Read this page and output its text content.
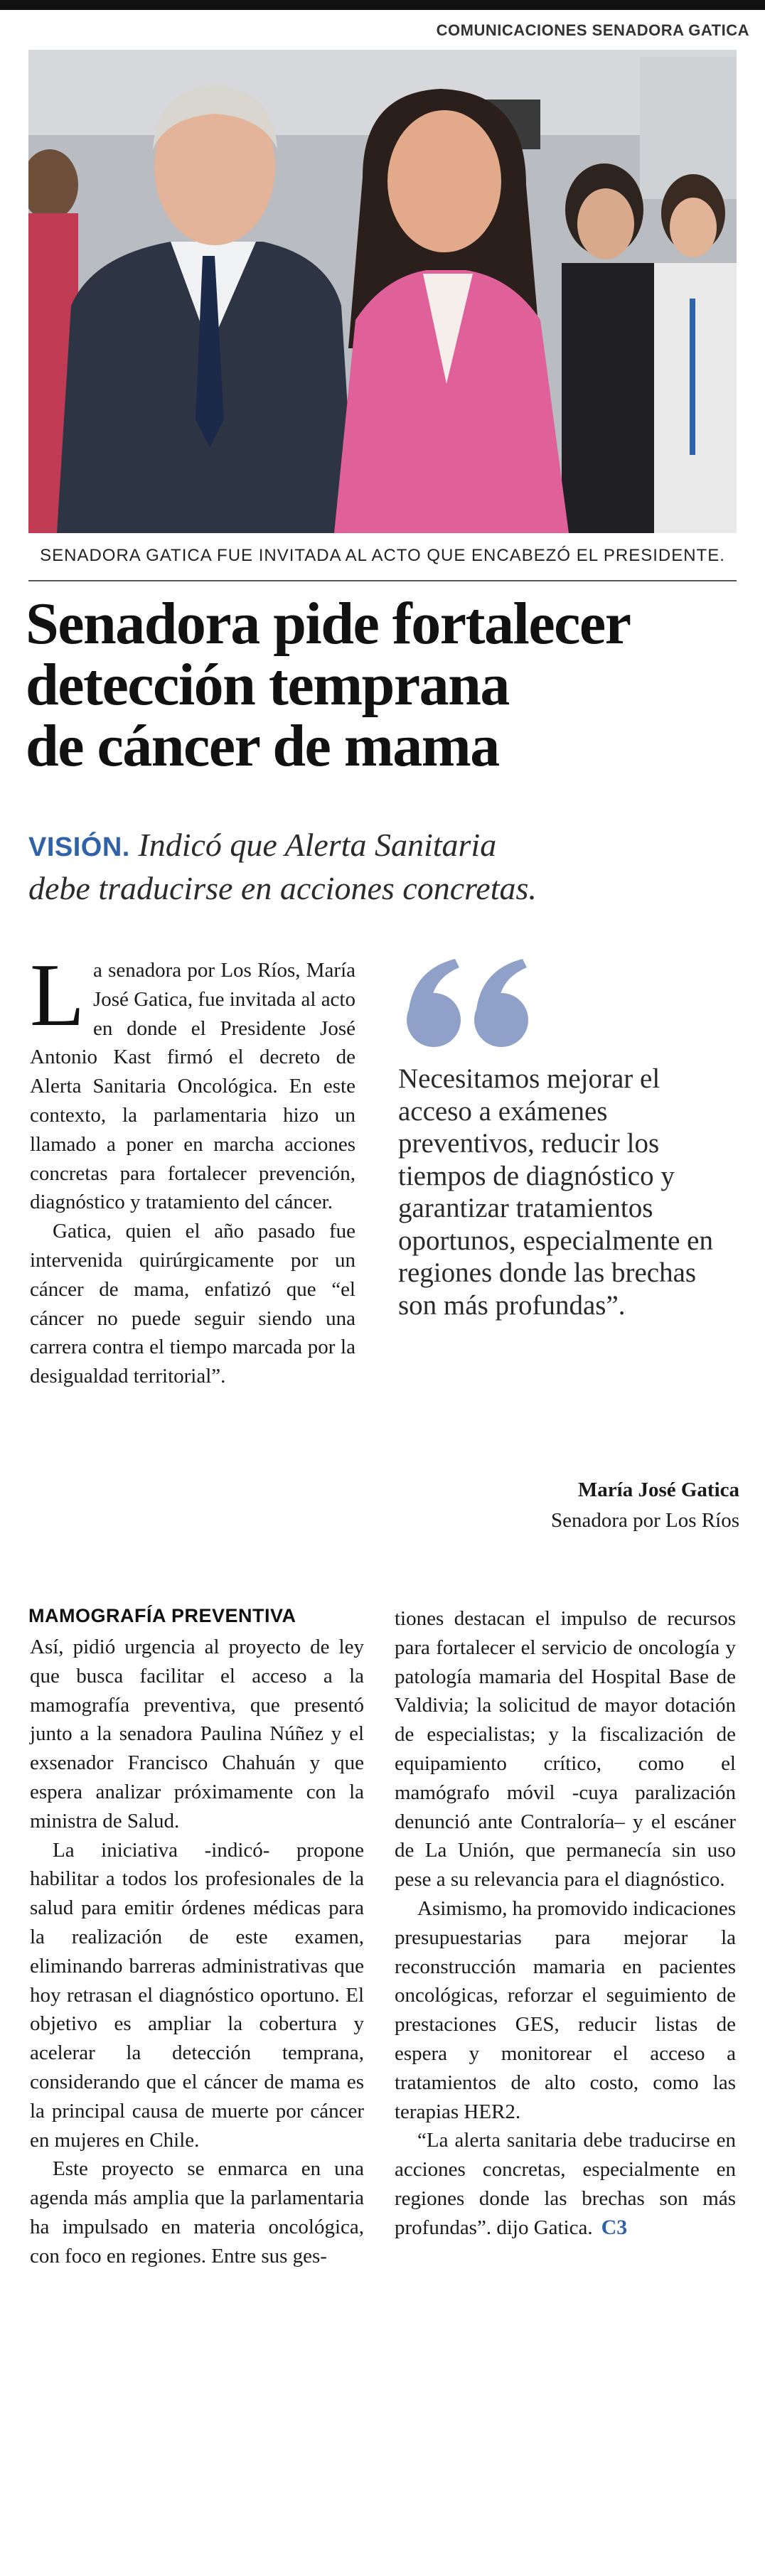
COMUNICACIONES SENADORA GATICA
SENADORA GATICA FUE INVITADA AL ACTO QUE ENCABEZÓ EL PRESIDENTE.
Senadora pide fortalecer
detección temprana
de cáncer de mama
VISIÓN. Indicó que Alerta Sanitaria
debe traducirse en acciones concretas.

La senadora por Los Ríos, María José Gatica, fue invitada al acto en donde el Presidente José Antonio Kast firmó el decreto de Alerta Sanitaria Oncológica. En este contexto, la parlamentaria hizo un llamado a poner en marcha acciones concretas para fortalecer prevención, diagnóstico y tratamiento del cáncer.

Gatica, quien el año pasado fue intervenida quirúrgicamente por un cáncer de mama, enfatizó que “el cáncer no puede seguir siendo una carrera contra el tiempo marcada por la desigualdad territorial”.

Necesitamos mejorar el acceso a exámenes preventivos, reducir los tiempos de diagnóstico y garantizar tratamientos oportunos, especialmente en regiones donde las brechas son más profundas”.
María José Gatica
Senadora por Los Ríos
MAMOGRAFÍA PREVENTIVA

Así, pidió urgencia al proyecto de ley que busca facilitar el acceso a la mamografía preventiva, que presentó junto a la senadora Paulina Núñez y el exsenador Francisco Chahuán y que espera analizar próximamente con la ministra de Salud.

La iniciativa -indicó- propone habilitar a todos los profesionales de la salud para emitir órdenes médicas para la realización de este examen, eliminando barreras administrativas que hoy retrasan el diagnóstico oportuno. El objetivo es ampliar la cobertura y acelerar la detección temprana, considerando que el cáncer de mama es la principal causa de muerte por cáncer en mujeres en Chile.

Este proyecto se enmarca en una agenda más amplia que la parlamentaria ha impulsado en materia oncológica, con foco en regiones. Entre sus ges-

tiones destacan el impulso de recursos para fortalecer el servicio de oncología y patología mamaria del Hospital Base de Valdivia; la solicitud de mayor dotación de especialistas; y la fiscalización de equipamiento crítico, como el mamógrafo móvil -cuya paralización denunció ante Contraloría– y el escáner de La Unión, que permanecía sin uso pese a su relevancia para el diagnóstico.

Asimismo, ha promovido indicaciones presupuestarias para mejorar la reconstrucción mamaria en pacientes oncológicas, reforzar el seguimiento de prestaciones GES, reducir listas de espera y monitorear el acceso a tratamientos de alto costo, como las terapias HER2.

“La alerta sanitaria debe traducirse en acciones concretas, especialmente en regiones donde las brechas son más profundas”. dijo Gatica. C3
